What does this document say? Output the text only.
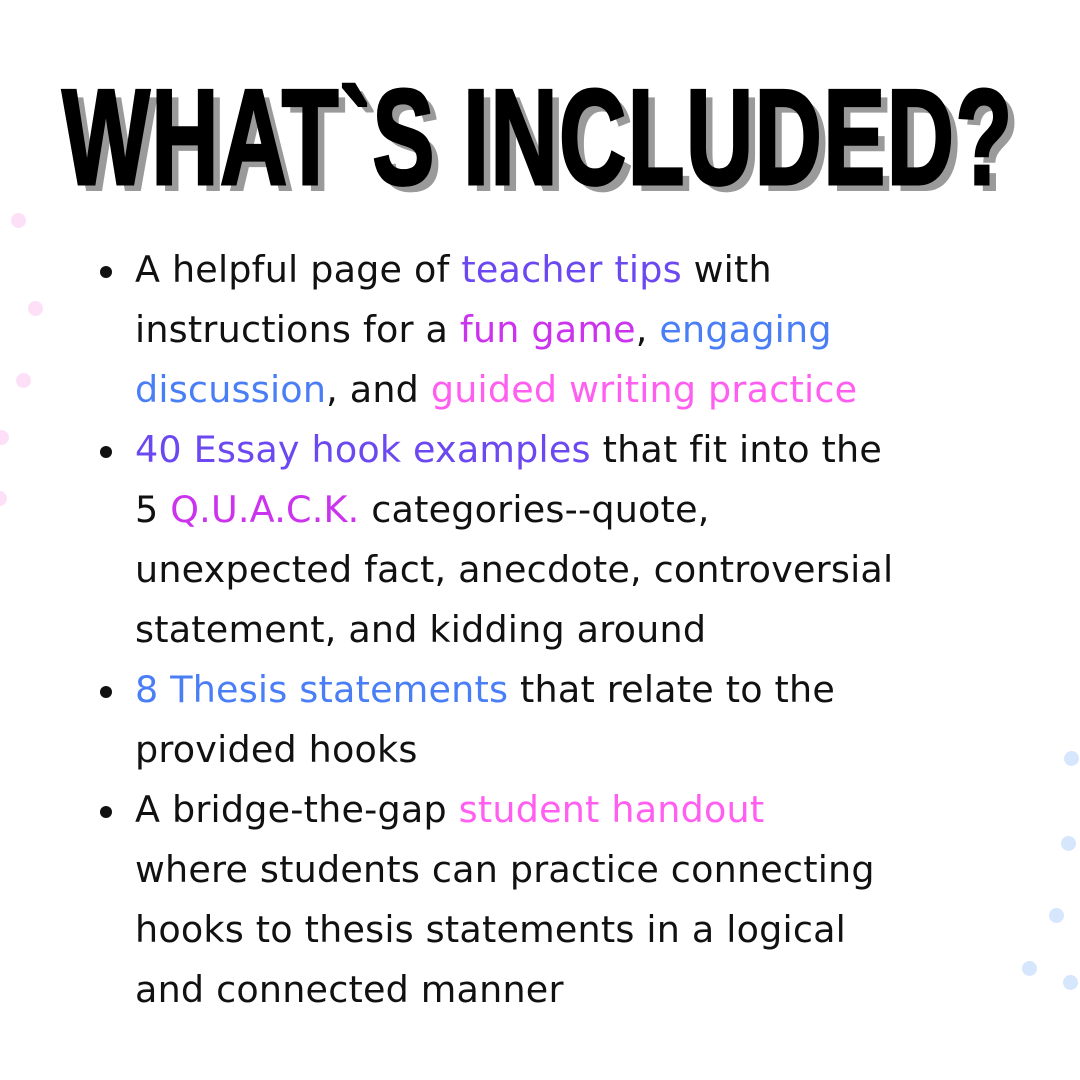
WHAT`S INCLUDED?
A helpful page of teacher tips with
instructions for a fun game, engaging
discussion, and guided writing practice
40 Essay hook examples that fit into the
5 Q.U.A.C.K. categories--quote,
unexpected fact, anecdote, controversial
statement, and kidding around
8 Thesis statements that relate to the
provided hooks
A bridge-the-gap student handout
where students can practice connecting
hooks to thesis statements in a logical
and connected manner
